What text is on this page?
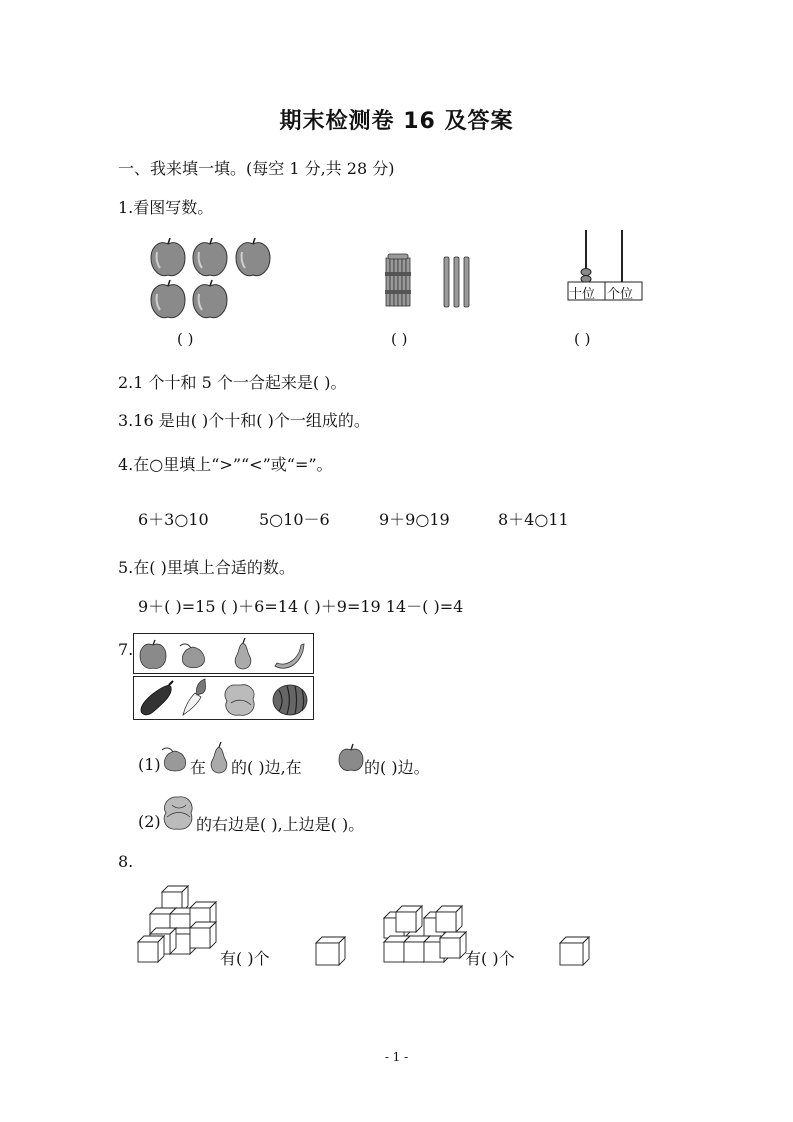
期末检测卷 16 及答案
一、我来填一填。(每空 1 分,共 28 分)
1.看图写数。
十位 个位
( )	( )	( )
2.1 个十和 5 个一合起来是( )。
3.16 是由( )个十和( )个一组成的。
4.在○里填上“>”“<”或“=”。
6＋3○10	5○10－6	9＋9○19	8＋4○11
5.在( )里填上合适的数。
9＋( )=15 ( )＋6=14 ( )＋9=19 14－( )=4
7.
(1) 在 的( )边,在	的( )边。
(2) 的右边是( ),上边是( )。
8.
有( )个	有( )个
- 1 -
